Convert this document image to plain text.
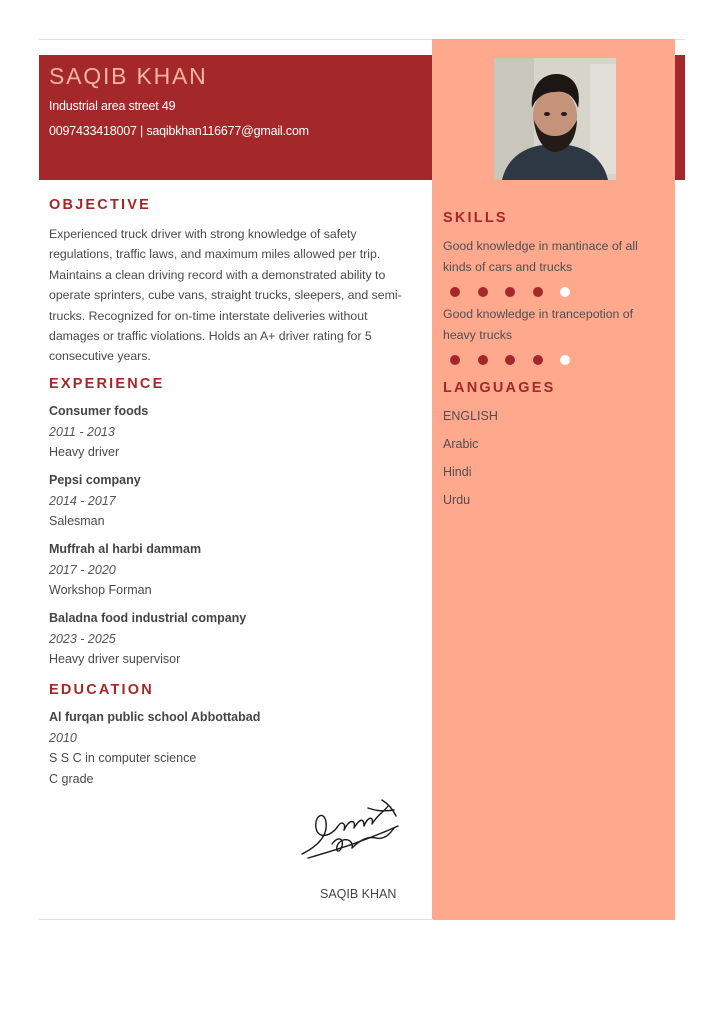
SAQIB KHAN
Industrial area street 49
0097433418007 | saqibkhan116677@gmail.com
OBJECTIVE
Experienced truck driver with strong knowledge of safety regulations, traffic laws, and maximum miles allowed per trip. Maintains a clean driving record with a demonstrated ability to operate sprinters, cube vans, straight trucks, sleepers, and semi-trucks. Recognized for on-time interstate deliveries without damages or traffic violations. Holds an A+ driver rating for 5 consecutive years.
EXPERIENCE
Consumer foods
2011 - 2013
Heavy driver
Pepsi company
2014 - 2017
Salesman
Muffrah al harbi dammam
2017 - 2020
Workshop Forman
Baladna food industrial company
2023 - 2025
Heavy driver supervisor
EDUCATION
Al furqan public school Abbottabad
2010
S S C in computer science
C grade
SAQIB KHAN
SKILLS
Good knowledge in mantinace of all kinds of cars and trucks
Good knowledge in trancepotion of heavy trucks
LANGUAGES
ENGLISH
Arabic
Hindi
Urdu
